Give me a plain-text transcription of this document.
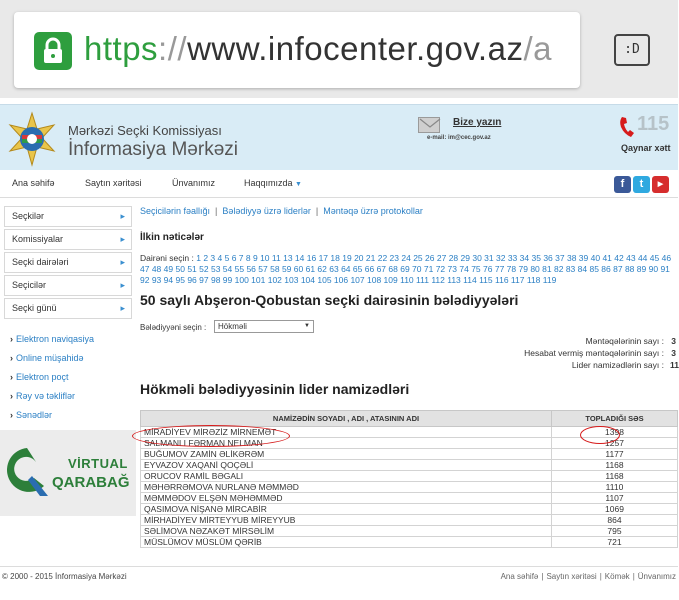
https://www.infocenter.gov.az/a	:D
Mərkəzi Seçki Komissiyası
İnformasiya Mərkəzi
Bize yazın
e-mail: im@cec.gov.az
115
Qaynar xətt
Ana səhifə	Saytın xəritəsi	Ünvanımız	Haqqımızda ▼	f	t	▶
Seçkilər	▸
Komissiyalar	▸
Seçki dairələri	▸
Seçicilər	▸
Seçki günü	▸
› Elektron naviqasiya
› Online müşahidə
› Elektron poçt
› Rəy və təkliflər
› Sənədlər
VİRTUAL
QARABAĞ
Seçicilərin fəallığı | Bələdiyyə üzrə liderlər | Məntəqə üzrə protokollar
İlkin nəticələr
Dairəni seçin : 1 2 3 4 5 6 7 8 9 10 11 13 14 16 17 18 19 20 21 22 23 24 25 26 27 28 29 30 31 32 33 34 35 36 37 38 39 40 41 42 43 44 45 46 47 48 49 50 51 52 53 54 55 56 57 58 59 60 61 62 63 64 65 66 67 68 69 70 71 72 73 74 75 76 77 78 79 80 81 82 83 84 85 86 87 88 89 90 91 92 93 94 95 96 97 98 99 100 101 102 103 104 105 106 107 108 109 110 111 112 113 114 115 116 117 118 119
50 saylı Abşeron-Qobustan seçki dairəsinin bələdiyyələri
Bələdiyyəni seçin :	Hökməli	▼
Məntəqələrinin sayı : 3
Hesabat vermiş məntəqələrinin sayı : 3
Lider namizədlərin sayı : 11
Hökməli bələdiyyəsinin lider namizədləri
NAMİZƏDİN SOYADI , ADI , ATASININ ADI	TOPLADIĞI SƏS
MİRADİYEV MİRƏZİZ MİRNEMƏT	1398
SALMANLI FƏRMAN NELMAN	1257
BUĞUMOV ZAMİN ƏLİKƏRƏM	1177
EYVAZOV XAQANİ QOÇƏLİ	1168
ORUCOV RAMİL BƏGALI	1168
MƏHƏRRƏMOVA NURLANƏ MƏMMƏD	1110
MƏMMƏDOV ELŞƏN MƏHƏMMƏD	1107
QASIMOVA NİŞANƏ MİRCABİR	1069
MİRHADİYEV MİRTEYYUB MİREYYUB	864
SƏLİMOVA NƏZAKƏT MİRSƏLİM	795
MÜSLÜMOV MÜSLÜM QƏRİB	721
© 2000 - 2015 İnformasiya Mərkəzi	Ana səhifə | Saytın xəritəsi | Kömək | Ünvanımız
